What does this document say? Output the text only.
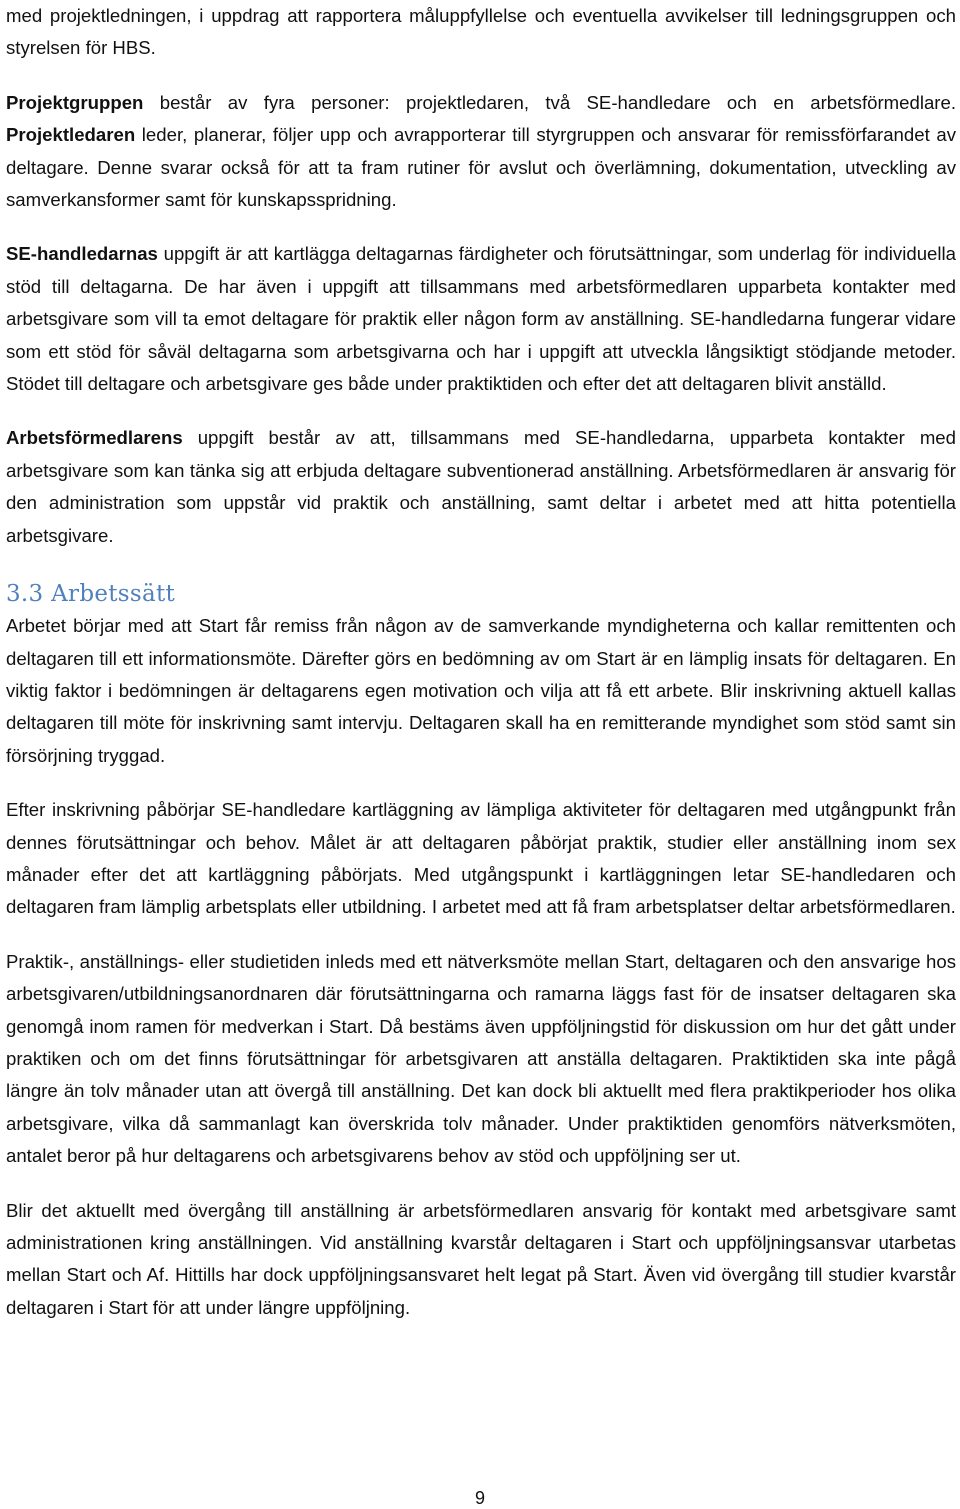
med projektledningen, i uppdrag att rapportera måluppfyllelse och eventuella avvikelser till ledningsgruppen och styrelsen för HBS.

Projektgruppen består av fyra personer: projektledaren, två SE-handledare och en arbetsförmedlare. Projektledaren leder, planerar, följer upp och avrapporterar till styrgruppen och ansvarar för remissförfarandet av deltagare. Denne svarar också för att ta fram rutiner för avslut och överlämning, dokumentation, utveckling av samverkansformer samt för kunskapsspridning.

SE-handledarnas uppgift är att kartlägga deltagarnas färdigheter och förutsättningar, som underlag för individuella stöd till deltagarna. De har även i uppgift att tillsammans med arbetsförmedlaren upparbeta kontakter med arbetsgivare som vill ta emot deltagare för praktik eller någon form av anställning. SE-handledarna fungerar vidare som ett stöd för såväl deltagarna som arbetsgivarna och har i uppgift att utveckla långsiktigt stödjande metoder. Stödet till deltagare och arbetsgivare ges både under praktiktiden och efter det att deltagaren blivit anställd.

Arbetsförmedlarens uppgift består av att, tillsammans med SE-handledarna, upparbeta kontakter med arbetsgivare som kan tänka sig att erbjuda deltagare subventionerad anställning. Arbetsförmedlaren är ansvarig för den administration som uppstår vid praktik och anställning, samt deltar i arbetet med att hitta potentiella arbetsgivare.

3.3 Arbetssätt

Arbetet börjar med att Start får remiss från någon av de samverkande myndigheterna och kallar remittenten och deltagaren till ett informationsmöte. Därefter görs en bedömning av om Start är en lämplig insats för deltagaren. En viktig faktor i bedömningen är deltagarens egen motivation och vilja att få ett arbete. Blir inskrivning aktuell kallas deltagaren till möte för inskrivning samt intervju. Deltagaren skall ha en remitterande myndighet som stöd samt sin försörjning tryggad.

Efter inskrivning påbörjar SE-handledare kartläggning av lämpliga aktiviteter för deltagaren med utgångpunkt från dennes förutsättningar och behov. Målet är att deltagaren påbörjat praktik, studier eller anställning inom sex månader efter det att kartläggning påbörjats. Med utgångspunkt i kartläggningen letar SE-handledaren och deltagaren fram lämplig arbetsplats eller utbildning. I arbetet med att få fram arbetsplatser deltar arbetsförmedlaren.

Praktik-, anställnings- eller studietiden inleds med ett nätverksmöte mellan Start, deltagaren och den ansvarige hos arbetsgivaren/utbildningsanordnaren där förutsättningarna och ramarna läggs fast för de insatser deltagaren ska genomgå inom ramen för medverkan i Start. Då bestäms även uppföljningstid för diskussion om hur det gått under praktiken och om det finns förutsättningar för arbetsgivaren att anställa deltagaren. Praktiktiden ska inte pågå längre än tolv månader utan att övergå till anställning. Det kan dock bli aktuellt med flera praktikperioder hos olika arbetsgivare, vilka då sammanlagt kan överskrida tolv månader. Under praktiktiden genomförs nätverksmöten, antalet beror på hur deltagarens och arbetsgivarens behov av stöd och uppföljning ser ut.

Blir det aktuellt med övergång till anställning är arbetsförmedlaren ansvarig för kontakt med arbetsgivare samt administrationen kring anställningen. Vid anställning kvarstår deltagaren i Start och uppföljningsansvar utarbetas mellan Start och Af. Hittills har dock uppföljningsansvaret helt legat på Start. Även vid övergång till studier kvarstår deltagaren i Start för att under längre uppföljning.

9
